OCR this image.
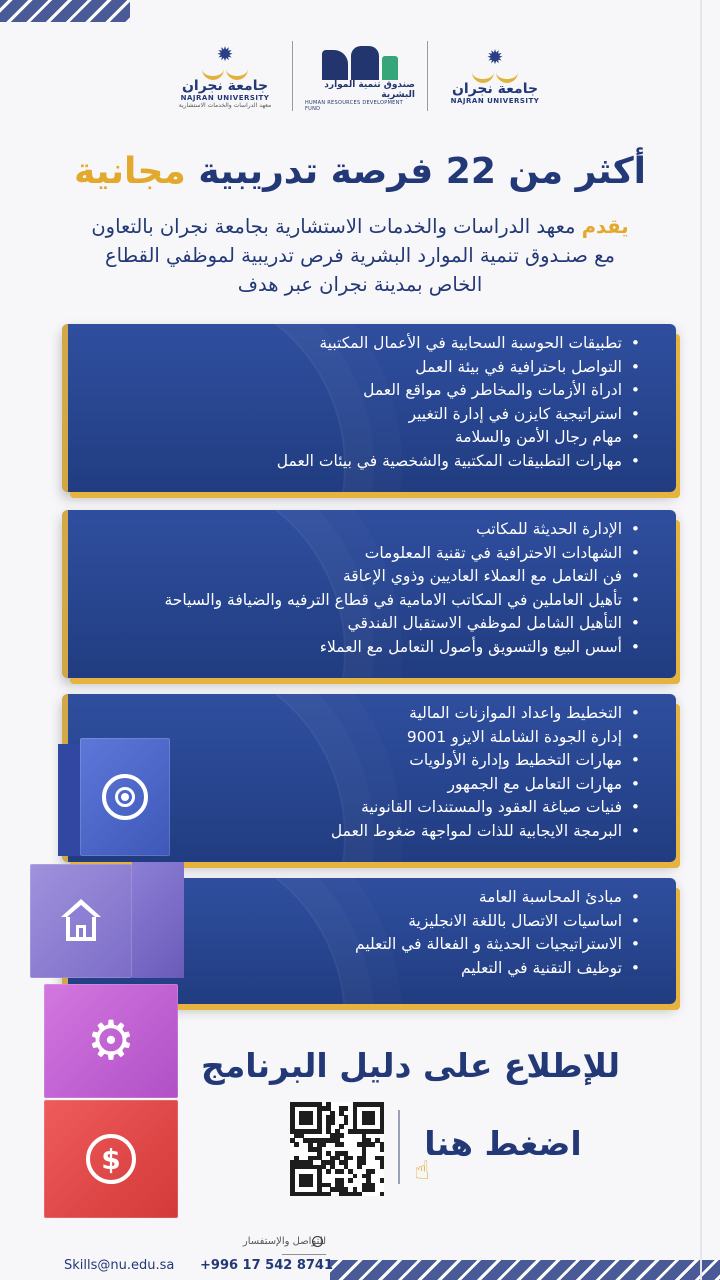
✹
جامعة نجران
NAJRAN UNIVERSITY
معهد الدراسات والخدمات الاستشارية
صندوق تنمية الموارد البشرية
HUMAN RESOURCES DEVELOPMENT FUND
✹
جامعة نجران
NAJRAN UNIVERSITY
أكثر من 22 فرصة تدريبية مجانية
يقدم معهد الدراسات والخدمات الاستشارية بجامعة نجران بالتعاون
مع صنـدوق تنمية الموارد البشرية فرص تدريبية لموظفي القطاع
الخاص بمدينة نجران عبر هدف
• تطبيقات الحوسبة السحابية في الأعمال المكتبية
• التواصل باحترافية في بيئة العمل
• ادراة الأزمات والمخاطر في مواقع العمل
• استراتيجية كايزن في إدارة التغيير
• مهام رجال الأمن والسلامة
• مهارات التطبيقات المكتبية والشخصية في بيئات العمل
• الإدارة الحديثة للمكاتب
• الشهادات الاحترافية في تقنية المعلومات
• فن التعامل مع العملاء العاديين وذوي الإعاقة
• تأهيل العاملين في المكاتب الامامية في قطاع الترفيه والضيافة والسياحة
• التأهيل الشامل لموظفي الاستقبال الفندقي
• أسس البيع والتسويق وأصول التعامل مع العملاء
• التخطيط واعداد الموازنات المالية
• إدارة الجودة الشاملة الايزو 9001
• مهارات التخطيط وإدارة الأولويات
• مهارات التعامل مع الجمهور
• فنيات صياغة العقود والمستندات القانونية
• البرمجة الايجابية للذات لمواجهة ضغوط العمل
• مبادئ المحاسبة العامة
• اساسيات الاتصال باللغة الانجليزية
• الاستراتيجيات الحديثة و الفعالة في التعليم
• توظيف التقنية في التعليم
⚙
$
للإطلاع على دليل البرنامج
اضغط هنا
☝
للتواصل والإستفسار ـــــــــــــــ
Skills@nu.edu.sa +996 17 542 8741
